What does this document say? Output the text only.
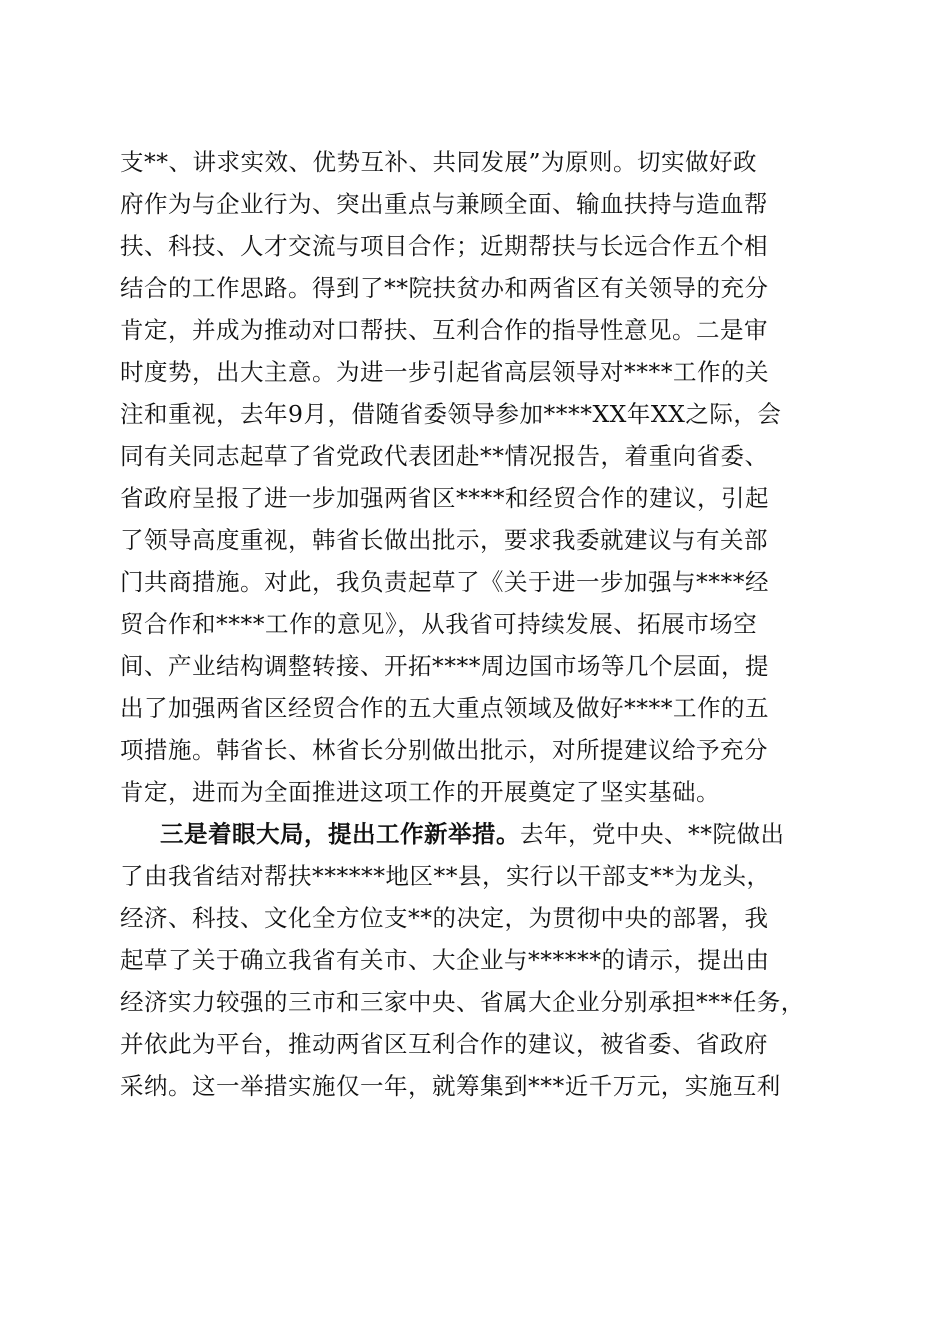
支**、讲求实效、优势互补、共同发展”为原则。切实做好政
府作为与企业行为、突出重点与兼顾全面、输血扶持与造血帮
扶、科技、人才交流与项目合作；近期帮扶与长远合作五个相
结合的工作思路。得到了**院扶贫办和两省区有关领导的充分
肯定，并成为推动对口帮扶、互利合作的指导性意见。二是审
时度势，出大主意。为进一步引起省高层领导对****工作的关
注和重视，去年9月，借随省委领导参加****XX年XX之际，会
同有关同志起草了省党政代表团赴**情况报告，着重向省委、
省政府呈报了进一步加强两省区****和经贸合作的建议，引起
了领导高度重视，韩省长做出批示，要求我委就建议与有关部
门共商措施。对此，我负责起草了《关于进一步加强与****经
贸合作和****工作的意见》，从我省可持续发展、拓展市场空
间、产业结构调整转接、开拓****周边国市场等几个层面，提
出了加强两省区经贸合作的五大重点领域及做好****工作的五
项措施。韩省长、林省长分别做出批示，对所提建议给予充分
肯定，进而为全面推进这项工作的开展奠定了坚实基础。
三是着眼大局，提出工作新举措。去年，党中央、**院做出
了由我省结对帮扶******地区**县，实行以干部支**为龙头，
经济、科技、文化全方位支**的决定，为贯彻中央的部署，我
起草了关于确立我省有关市、大企业与******的请示，提出由
经济实力较强的三市和三家中央、省属大企业分别承担***任务，
并依此为平台，推动两省区互利合作的建议，被省委、省政府
采纳。这一举措实施仅一年，就筹集到***近千万元，实施互利
